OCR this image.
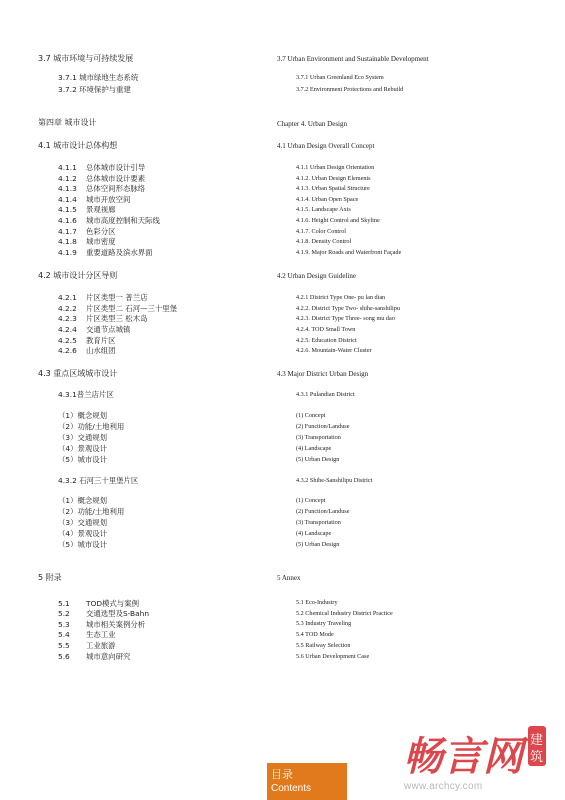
3.7 城市环境与可持续发展
3.7.1 城市绿地生态系统
3.7.2 环境保护与重建
第四章 城市设计
4.1 城市设计总体构想
4.1.1 总体城市设计引导
4.1.2 总体城市设计要素
4.1.3 总体空间形态脉络
4.1.4 城市开放空间
4.1.5 景观视廊
4.1.6 城市高度控制和天际线
4.1.7 色彩分区
4.1.8 城市密度
4.1.9 重要道路及滨水界面
4.2 城市设计分区导则
4.2.1 片区类型一 普兰店
4.2.2 片区类型二 石河—三十里堡
4.2.3 片区类型三 松木岛
4.2.4 交通节点城镇
4.2.5 教育片区
4.2.6 山水组团
4.3 重点区域城市设计
4.3.1普兰店片区
（1）概念规划
（2）功能/土地利用
（3）交通规划
（4）景观设计
（5）城市设计
4.3.2 石河三十里堡片区
（1）概念规划
（2）功能/土地利用
（3）交通规划
（4）景观设计
（5）城市设计
5 附录
5.1 TOD模式与案例
5.2 交通选型及S-Bahn
5.3 城市相关案例分析
5.4 生态工业
5.5 工业旅游
5.6 城市意向研究
3.7 Urban Environment and Sustainable Development
3.7.1 Urban Greenland Eco System
3.7.2 Environment Protections and Rebuild
Chapter 4. Urban Design
4.1 Urban Design Overall Concept
4.1.1 Urban Design Orientation
4.1.2. Urban Design Elements
4.1.3. Urban Spatial Structure
4.1.4. Urban Open Space
4.1.5. Landscape Axis
4.1.6. Height Control and Skyline
4.1.7. Color Control
4.1.8. Density Control
4.1.9. Major Roads and Waterfront Façade
4.2 Urban Design Guideline
4.2.1 District Type One- pu lan dian
4.2.2. District Type Two- shihe-sanshilipu
4.2.3. District Type Three- song mu dao
4.2.4. TOD Small Town
4.2.5. Education District
4.2.6. Mountain-Water Cluster
4.3 Major District Urban Design
4.3.1 Pulandian District
(1) Concept
(2) Function/Landuse
(3) Transportation
(4) Landscape
(5) Urban Design
4.3.2 Shihe-Sanshilipu District
(1) Concept
(2) Function/Landuse
(3) Transportation
(4) Landscape
(5) Urban Design
5 Annex
5.1 Eco-Industry
5.2 Chemical Industry District Practice
5.3 Industry Traveling
5.4 TOD Mode
5.5 Railway Selection
5.6 Urban Development Case
目录
Contents
畅言网 建
筑
www.archcy.com
